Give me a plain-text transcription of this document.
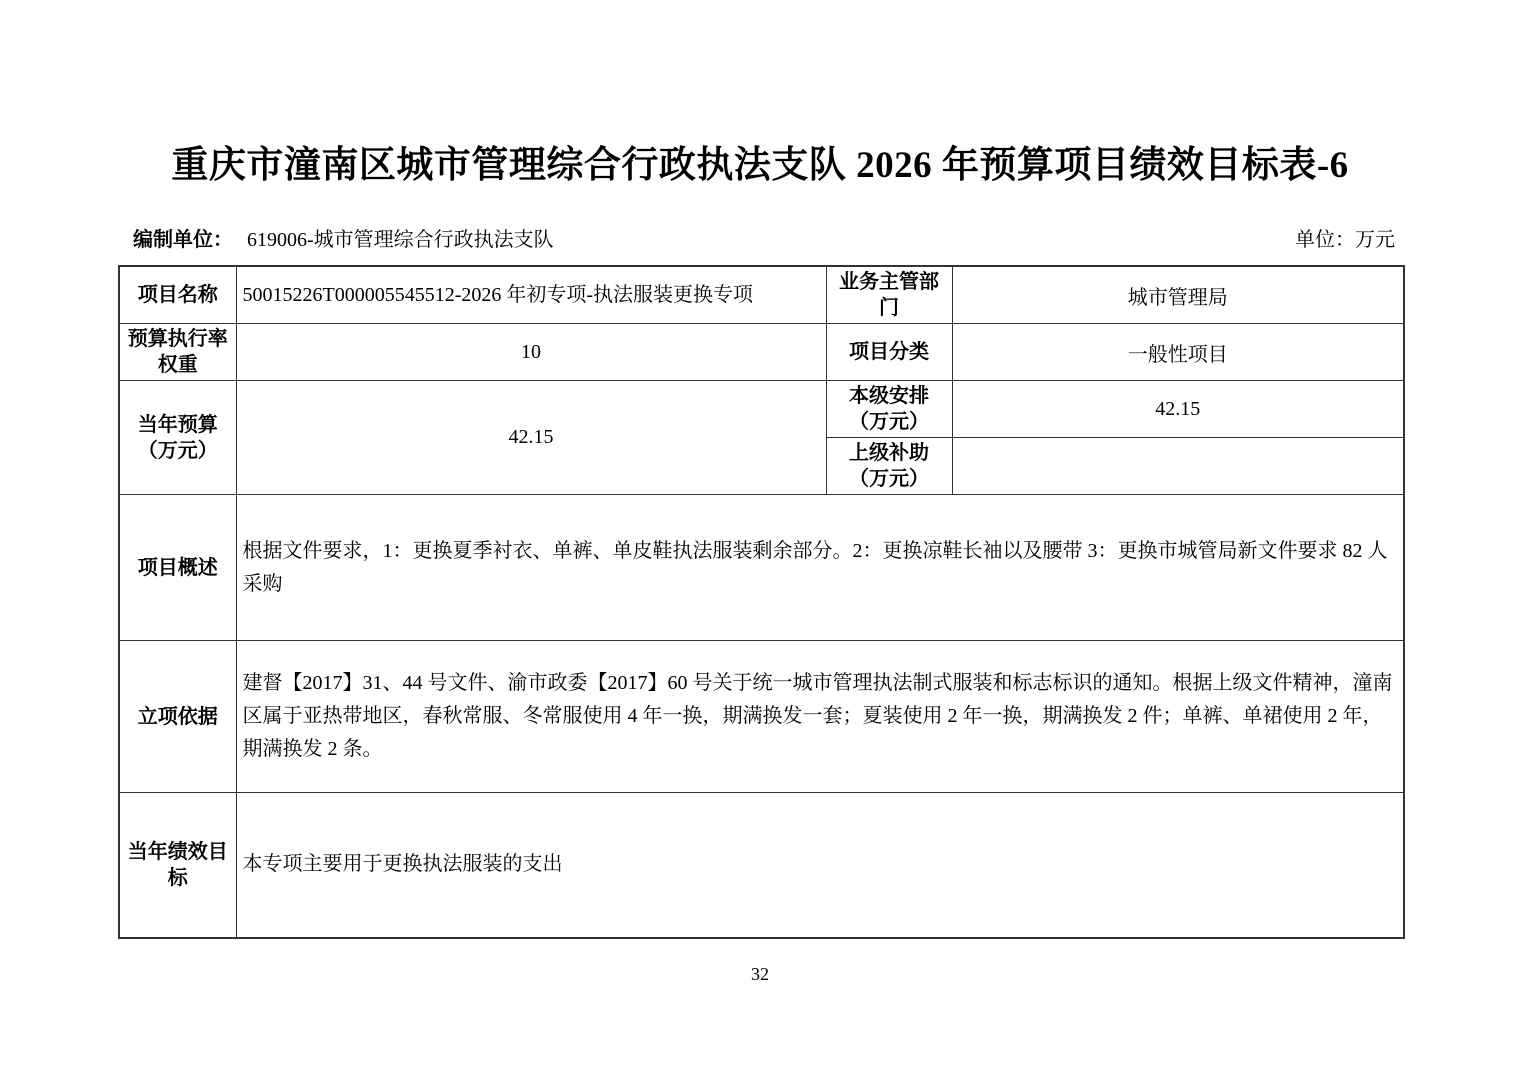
重庆市潼南区城市管理综合行政执法支队 2026 年预算项目绩效目标表-6
编制单位： 619006-城市管理综合行政执法支队	单位：万元
项目名称	50015226T000005545512-2026 年初专项-执法服装更换专项	业务主管部门	城市管理局
预算执行率权重	10	项目分类	一般性项目
当年预算（万元）	42.15	本级安排（万元）	42.15
		上级补助（万元）	
项目概述	根据文件要求，1：更换夏季衬衣、单裤、单皮鞋执法服装剩余部分。2：更换凉鞋长袖以及腰带 3：更换市城管局新文件要求 82 人采购		
立项依据	建督【2017】31、44 号文件、渝市政委【2017】60 号关于统一城市管理执法制式服装和标志标识的通知。根据上级文件精神，潼南区属于亚热带地区，春秋常服、冬常服使用 4 年一换，期满换发一套；夏装使用 2 年一换，期满换发 2 件；单裤、单裙使用 2 年，期满换发 2 条。		
当年绩效目标	本专项主要用于更换执法服装的支出		
32
